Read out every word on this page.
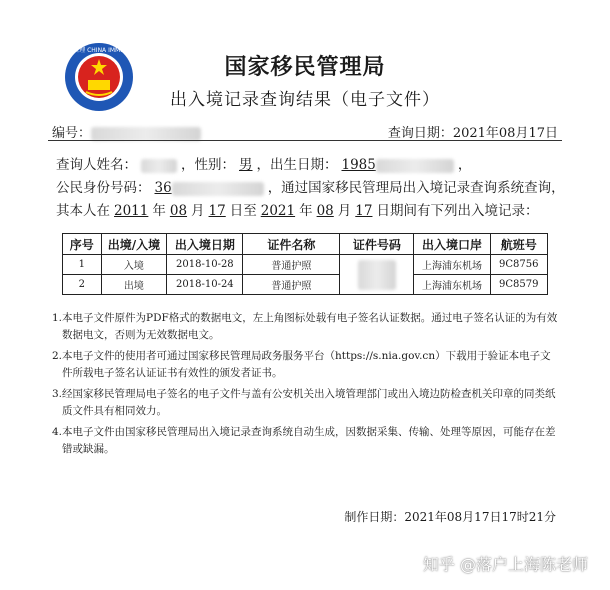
中国移民管理 CHINA IMMIGRATION
国家移民管理局
出入境记录查询结果（电子文件）
编号：	查询日期：2021年08月17日
查询人姓名：	，性别： 男 ，出生日期： 1985	，
公民身份号码： 36	，通过国家移民管理局出入境记录查询系统查询，
其本人在 2011 年 08 月 17 日至 2021 年 08 月 17 日期间有下列出入境记录：
序号	出境/入境	出入境日期	证件名称	证件号码	出入境口岸	航班号
1	入境	2018-10-28	普通护照		上海浦东机场	9C8756
2	出境	2018-10-24	普通护照		上海浦东机场	9C8579
1. 本电子文件原件为PDF格式的数据电文，左上角图标处载有电子签名认证数据。通过电子签名认证的为有效数据电文，否则为无效数据电文。
2. 本电子文件的使用者可通过国家移民管理局政务服务平台（https://s.nia.gov.cn）下载用于验证本电子文件所载电子签名认证证书有效性的颁发者证书。
3. 经国家移民管理局电子签名的电子文件与盖有公安机关出入境管理部门或出入境边防检查机关印章的同类纸质文件具有相同效力。
4. 本电子文件由国家移民管理局出入境记录查询系统自动生成，因数据采集、传输、处理等原因，可能存在差错或缺漏。
制作日期：2021年08月17日17时21分
知乎 @落户上海陈老师
